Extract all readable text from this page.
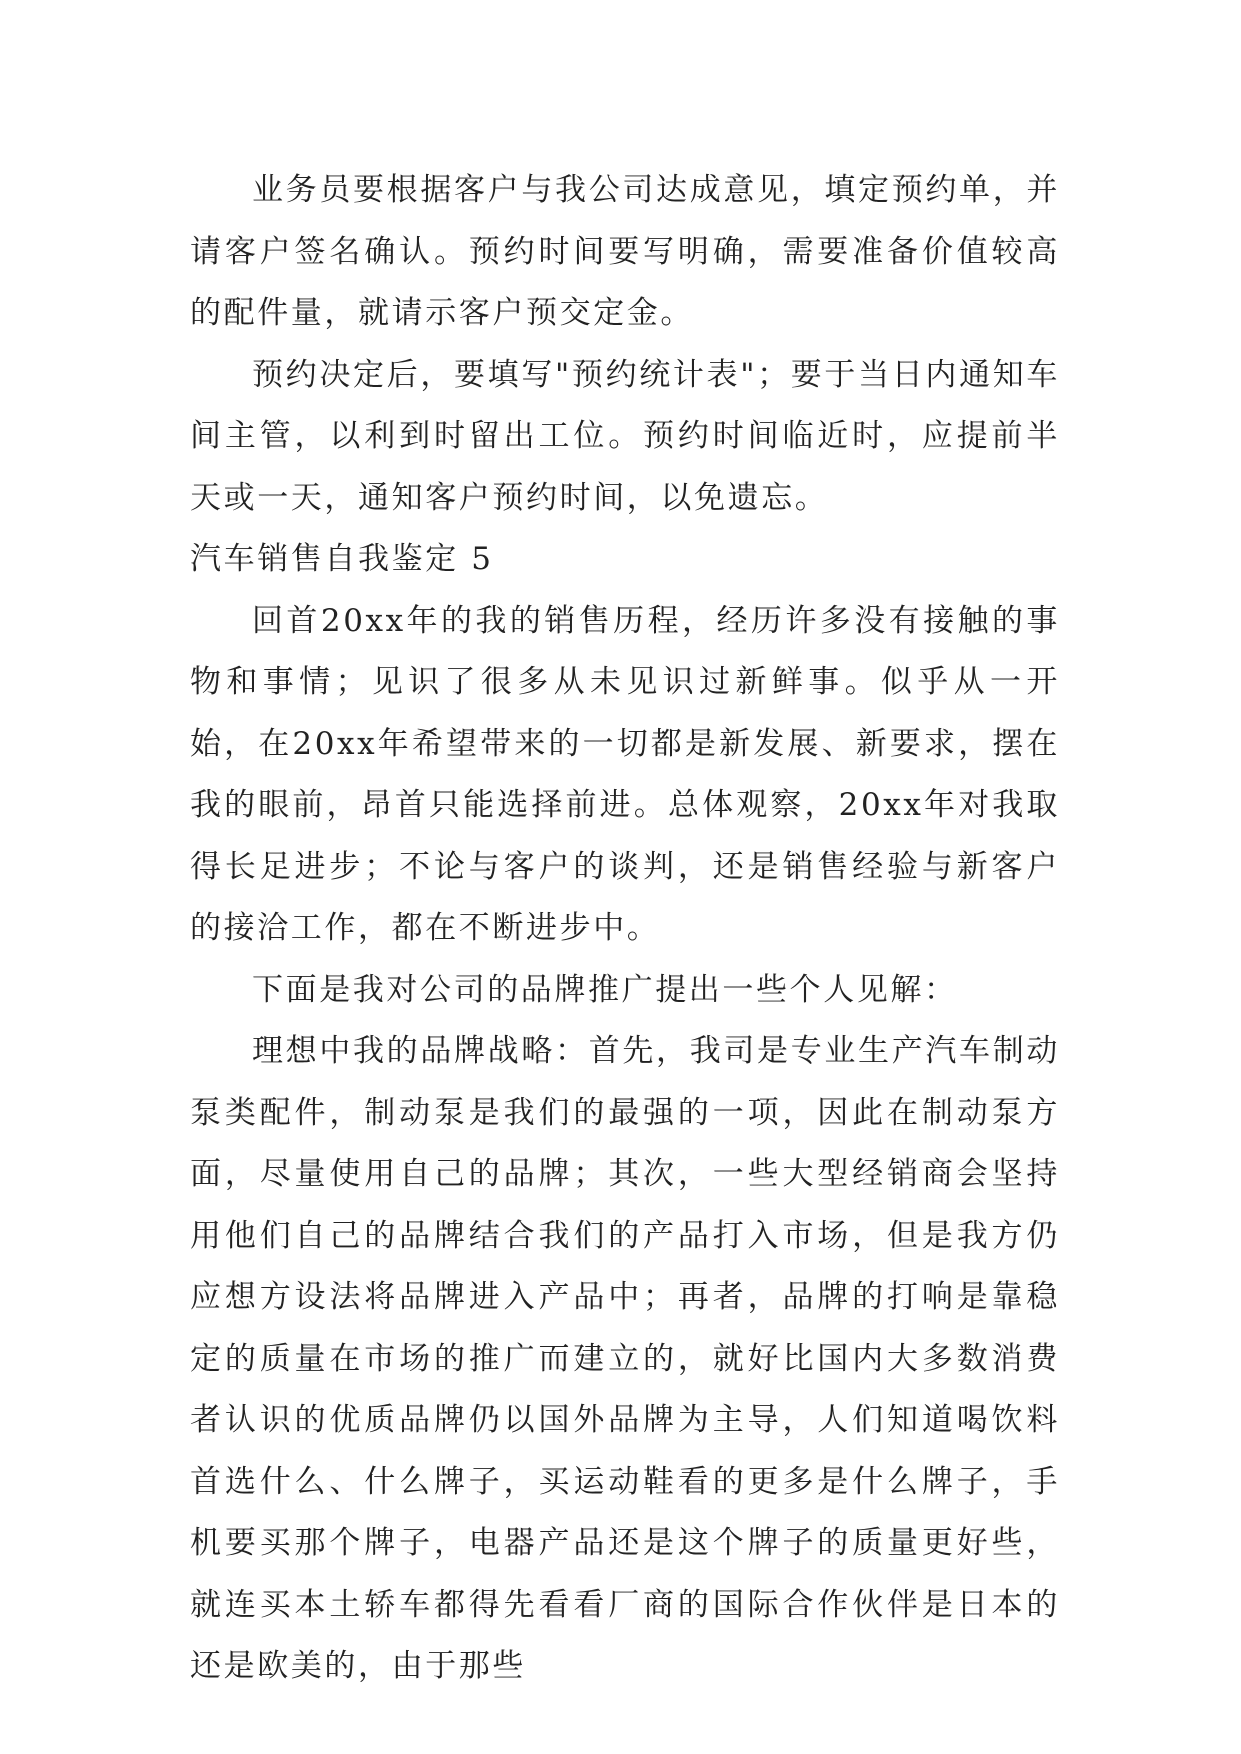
业务员要根据客户与我公司达成意见，填定预约单，并请客户签名确认。预约时间要写明确，需要准备价值较高的配件量，就请示客户预交定金。

预约决定后，要填写"预约统计表"；要于当日内通知车间主管，以利到时留出工位。预约时间临近时，应提前半天或一天，通知客户预约时间，以免遗忘。

汽车销售自我鉴定 5

回首20xx年的我的销售历程，经历许多没有接触的事物和事情；见识了很多从未见识过新鲜事。似乎从一开始，在20xx年希望带来的一切都是新发展、新要求，摆在我的眼前，昂首只能选择前进。总体观察，20xx年对我取得长足进步；不论与客户的谈判，还是销售经验与新客户的接洽工作，都在不断进步中。

下面是我对公司的品牌推广提出一些个人见解：

理想中我的品牌战略：首先，我司是专业生产汽车制动泵类配件，制动泵是我们的最强的一项，因此在制动泵方面，尽量使用自己的品牌；其次，一些大型经销商会坚持用他们自己的品牌结合我们的产品打入市场，但是我方仍应想方设法将品牌进入产品中；再者，品牌的打响是靠稳定的质量在市场的推广而建立的，就好比国内大多数消费者认识的优质品牌仍以国外品牌为主导，人们知道喝饮料首选什么、什么牌子，买运动鞋看的更多是什么牌子，手机要买那个牌子，电器产品还是这个牌子的质量更好些，就连买本土轿车都得先看看厂商的国际合作伙伴是日本的还是欧美的，由于那些
